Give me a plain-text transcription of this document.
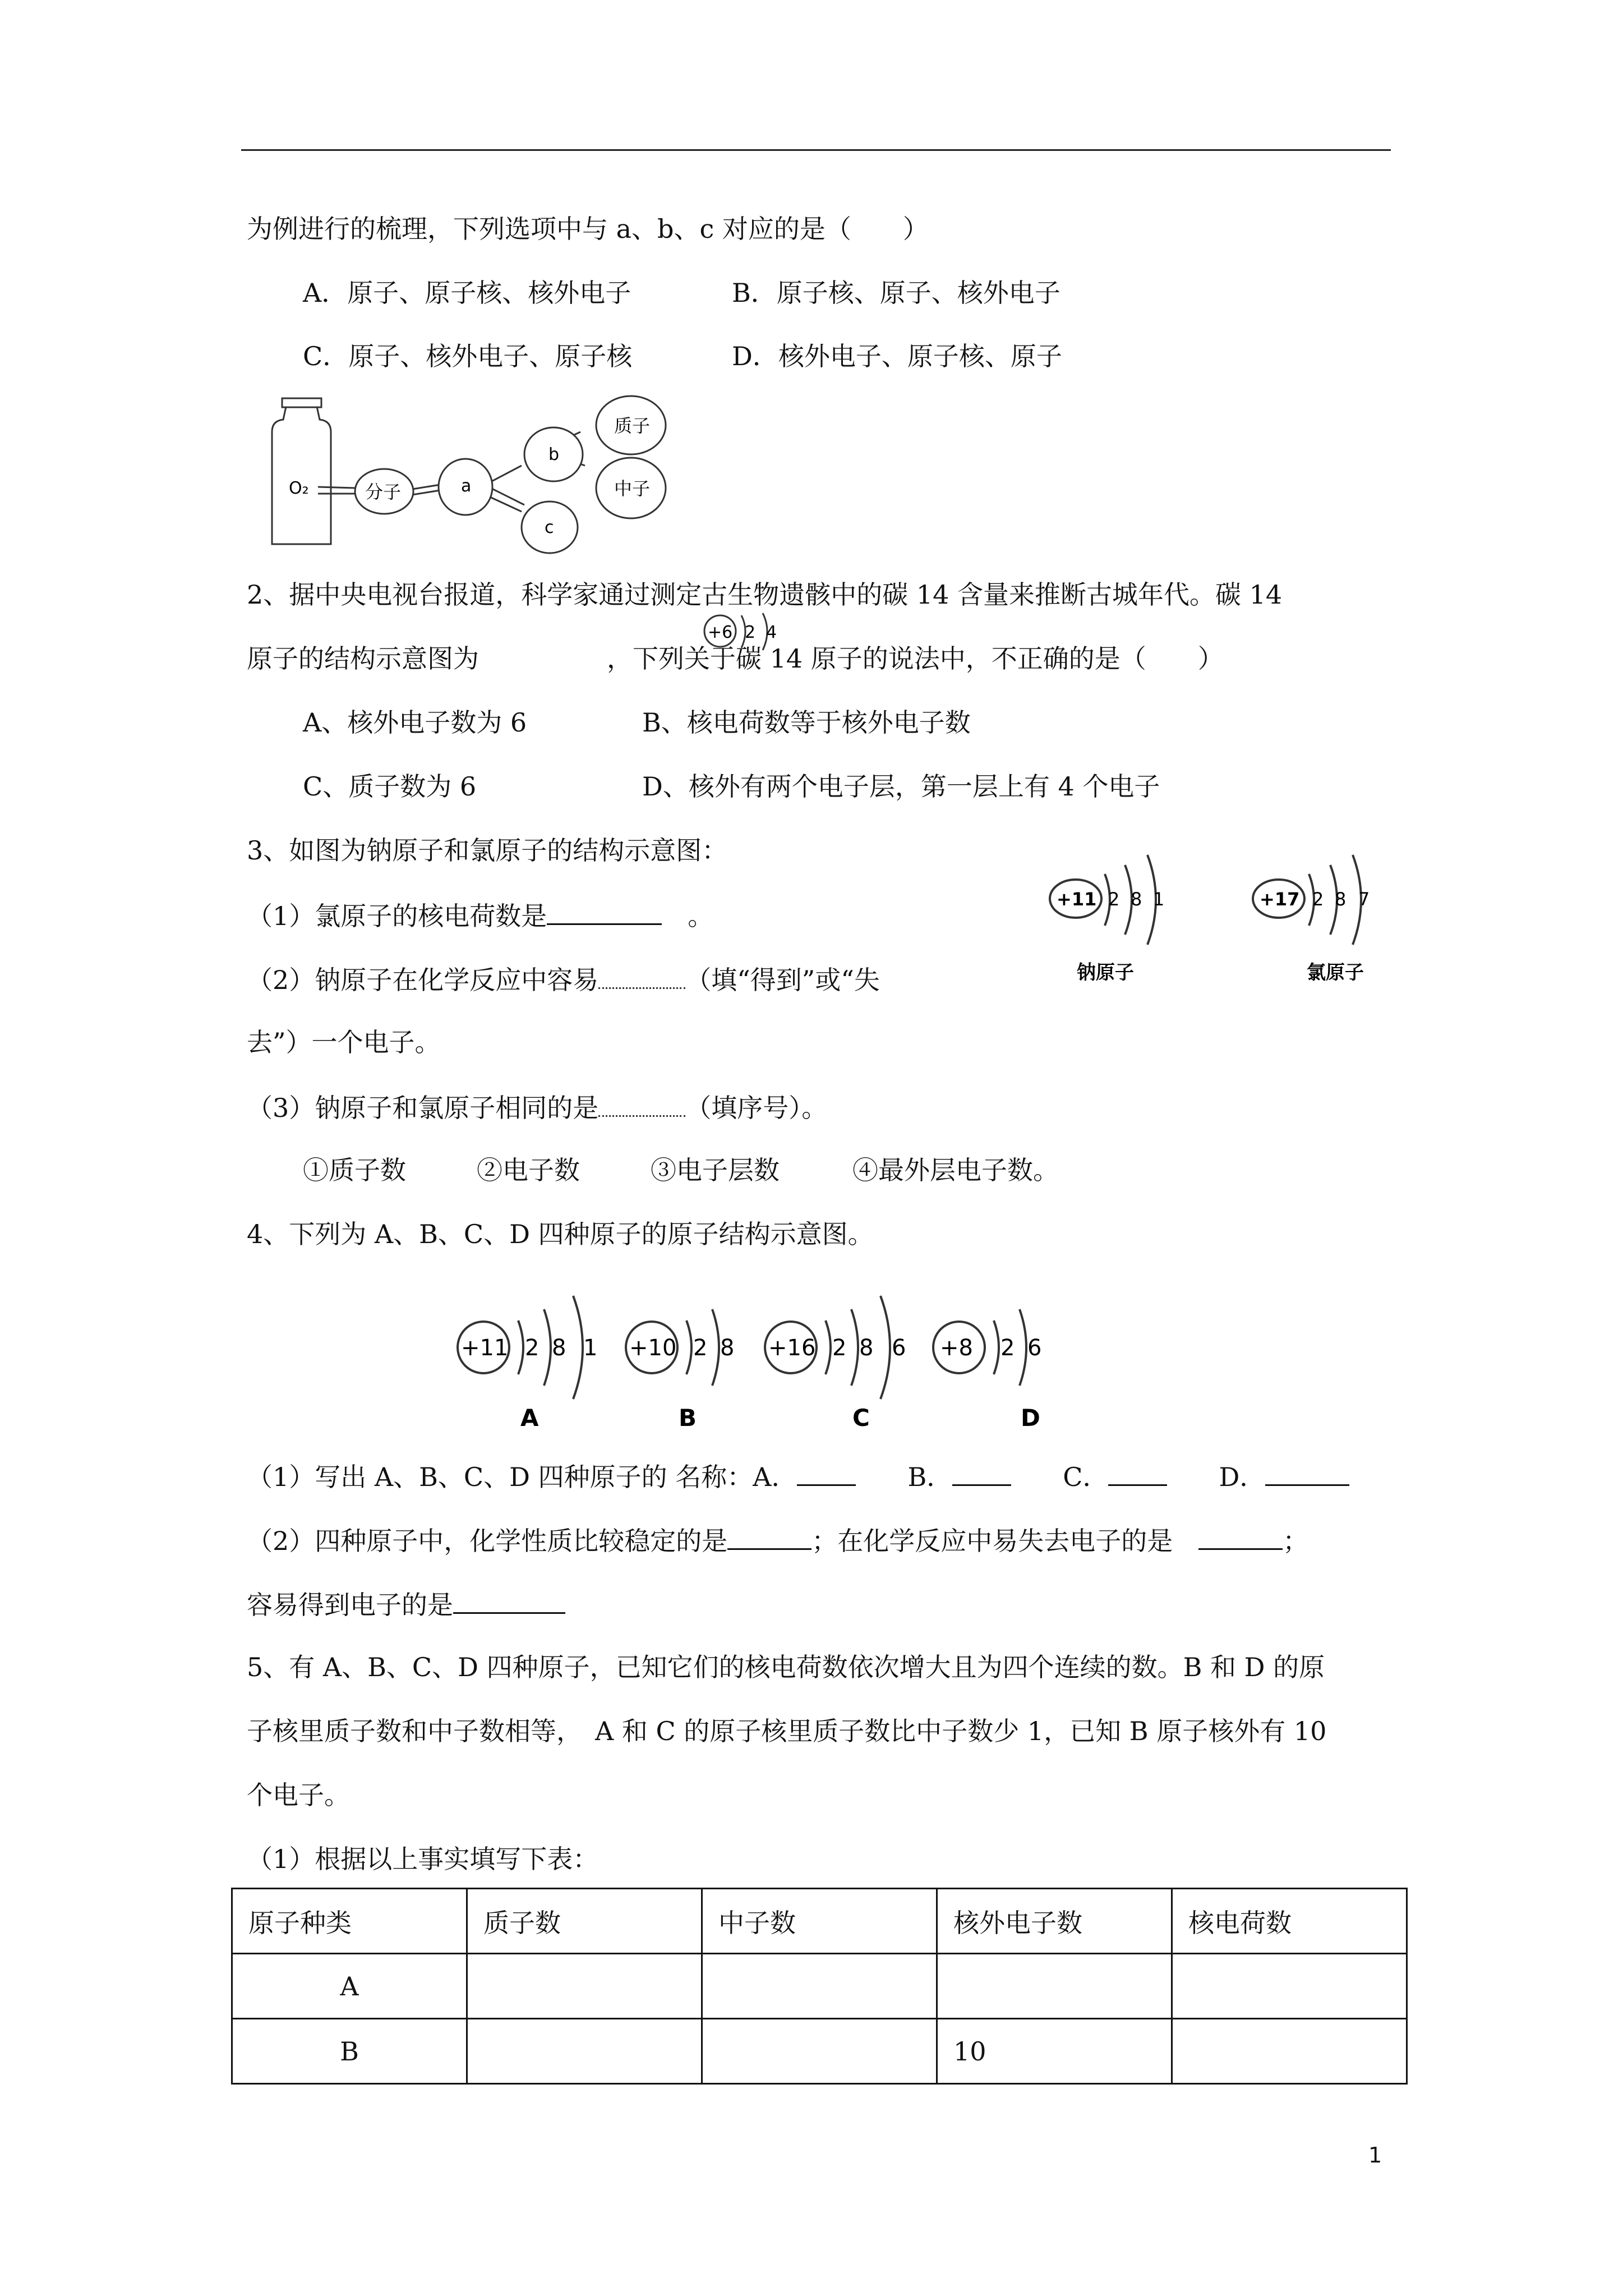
为例进行的梳理，下列选项中与 a、b、c 对应的是（　　）
A．原子、原子核、核外电子	B．原子核、原子、核外电子
C．原子、核外电子、原子核	D．核外电子、原子核、原子
O₂	分子	a
b
c
质子
中子
2、据中央电视台报道，科学家通过测定古生物遗骸中的碳 14 含量来推断古城年代。碳 14
原子的结构示意图为
+6 2 4
，下列关于碳 14 原子的说法中，不正确的是（　　）
A、核外电子数为 6	B、核电荷数等于核外电子数
C、质子数为 6	D、核外有两个电子层，第一层上有 4 个电子
3、如图为钠原子和氯原子的结构示意图：
（1）氯原子的核电荷数是　	。
（2）钠原子在化学反应中容易	（填“得到”或“失
去”）一个电子。
（3）钠原子和氯原子相同的是	（填序号）。
①质子数	②电子数	③电子层数	④最外层电子数。
+11 2 8 1
钠原子
+17 2 8 7
氯原子
4、下列为 A、B、C、D 四种原子的原子结构示意图。
+11 2 8 1
A
+10 2 8
B
+16 2 8 6
C
+8 2 6
D
（1）写出 A、B、C、D 四种原子的 名称：A．　　	B．　　	C．　　	D．
（2）四种原子中，化学性质比较稳定的是	；在化学反应中易失去电子的是　	；
容易得到电子的是
5、有 A、B、C、D 四种原子，已知它们的核电荷数依次增大且为四个连续的数。B 和 D 的原
子核里质子数和中子数相等，　A 和 C 的原子核里质子数比中子数少 1，已知 B 原子核外有 10
个电子。
（1）根据以上事实填写下表：
原子种类	质子数	中子数	核外电子数	核电荷数
A				
B			10	
1
